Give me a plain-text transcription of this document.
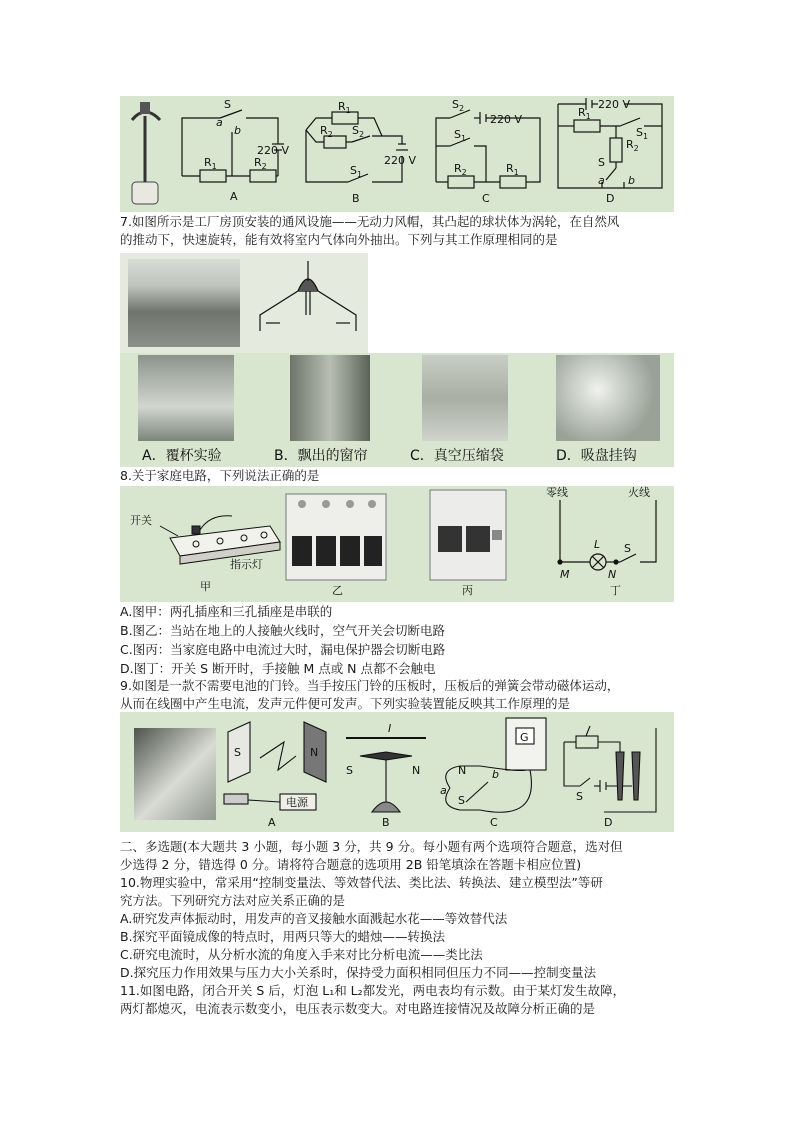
S
a
b
220 V
$R_1$	$R_2$
A
$R_1$
$R_2$ $S_2$
$S_1$
220 V
B
$S_2$
220 V
$S_1$
$R_2$	$R_1$
C
220 V
$R_1$
$S_1$
$R_2$
S
a b
D
7.如图所示是工厂房顶安装的通风设施——无动力风帽，其凸起的球状体为涡轮，在自然风
的推动下，快速旋转，能有效将室内气体向外抽出。下列与其工作原理相同的是
A．覆杯实验	B．飘出的窗帘	C．真空压缩袋	D．吸盘挂钩
8.关于家庭电路，下列说法正确的是
开关
指示灯
甲	乙	丙
零线	火线
L S
M	N
丁
A.图甲：两孔插座和三孔插座是串联的
B.图乙：当站在地上的人接触火线时，空气开关会切断电路
C.图丙：当家庭电路中电流过大时，漏电保护器会切断电路
D.图丁：开关 S 断开时，手接触 M 点或 N 点都不会触电
9.如图是一款不需要电池的门铃。当手按压门铃的压板时，压板后的弹簧会带动磁体运动，
从而在线圈中产生电流，发声元件便可发声。下列实验装置能反映其工作原理的是
S	N
电源
A
I
S	N
B
G
N
S
b
a
C
S
D
二、多选题(本大题共 3 小题，每小题 3 分，共 9 分。每小题有两个选项符合题意，选对但
少选得 2 分，错选得 0 分。请将符合题意的选项用 2B 铅笔填涂在答题卡相应位置)
10.物理实验中，常采用“控制变量法、等效替代法、类比法、转换法、建立模型法”等研
究方法。下列研究方法对应关系正确的是
A.研究发声体振动时，用发声的音叉接触水面溅起水花——等效替代法
B.探究平面镜成像的特点时，用两只等大的蜡烛——转换法
C.研究电流时，从分析水流的角度入手来对比分析电流——类比法
D.探究压力作用效果与压力大小关系时，保持受力面积相同但压力不同——控制变量法
11.如图电路，闭合开关 S 后，灯泡 L₁和 L₂都发光，两电表均有示数。由于某灯发生故障，
两灯都熄灭，电流表示数变小，电压表示数变大。对电路连接情况及故障分析正确的是
